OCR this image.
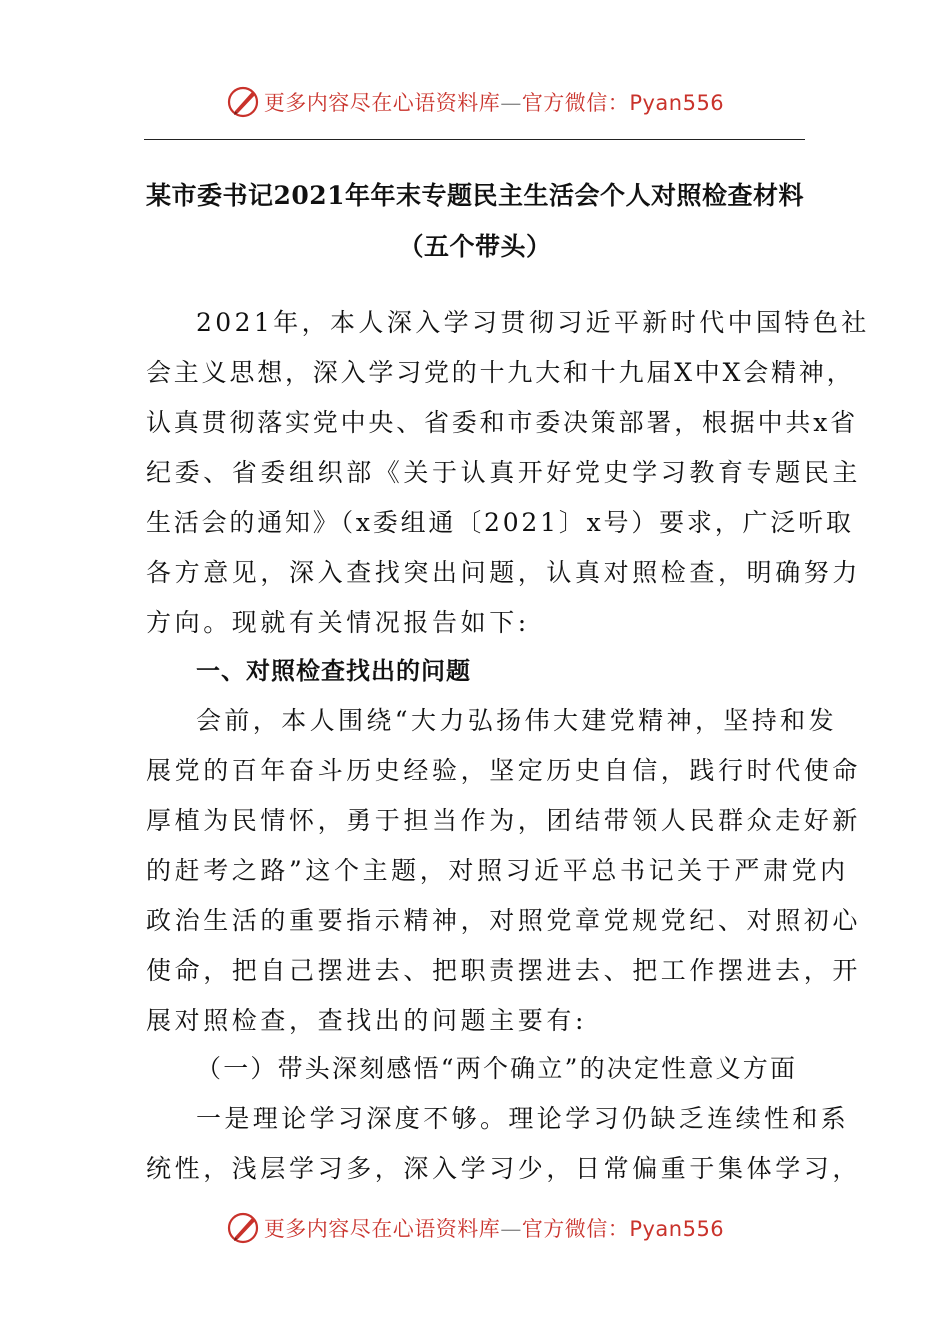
更多内容尽在心语资料库—官方微信：Pyan556
某市委书记2021年年末专题民主生活会个人对照检查材料
（五个带头）
2021年，本人深入学习贯彻习近平新时代中国特色社
会主义思想，深入学习党的十九大和十九届X中X会精神，
认真贯彻落实党中央、省委和市委决策部署，根据中共x省
纪委、省委组织部《关于认真开好党史学习教育专题民主
生活会的通知》（x委组通〔2021〕x号）要求，广泛听取
各方意见，深入查找突出问题，认真对照检查，明确努力
方向。现就有关情况报告如下:
一、对照检查找出的问题
会前，本人围绕“大力弘扬伟大建党精神，坚持和发
展党的百年奋斗历史经验，坚定历史自信，践行时代使命
厚植为民情怀，勇于担当作为，团结带领人民群众走好新
的赶考之路”这个主题，对照习近平总书记关于严肃党内
政治生活的重要指示精神，对照党章党规党纪、对照初心
使命，把自己摆进去、把职责摆进去、把工作摆进去，开
展对照检查，查找出的问题主要有:
（一）带头深刻感悟“两个确立”的决定性意义方面
一是理论学习深度不够。理论学习仍缺乏连续性和系
统性，浅层学习多，深入学习少，日常偏重于集体学习，
更多内容尽在心语资料库—官方微信：Pyan556
